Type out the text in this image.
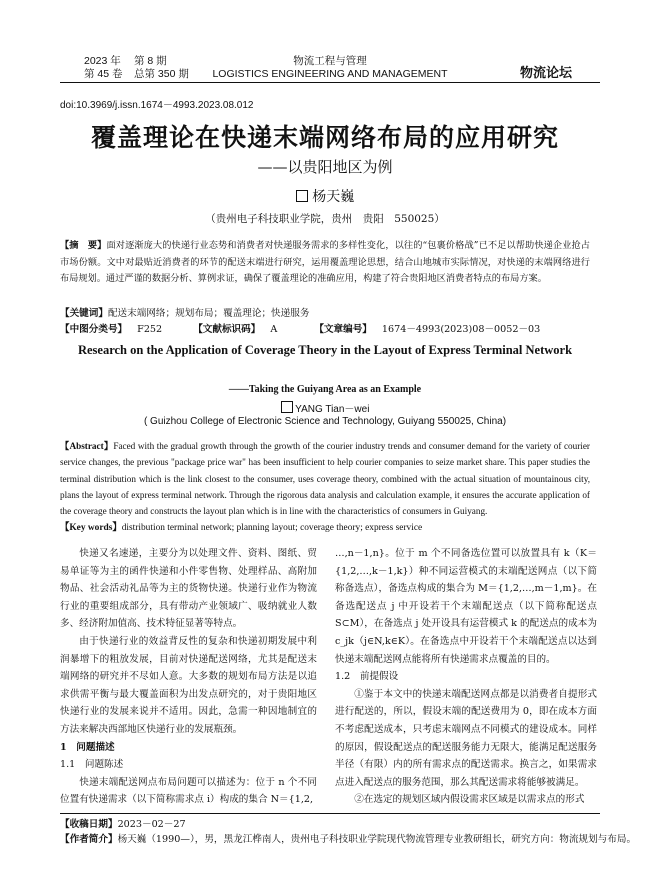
2023 年 第 8 期
第 45 卷 总第 350 期
物流工程与管理
LOGISTICS ENGINEERING AND MANAGEMENT	物流论坛
doi:10.3969/j.issn.1674－4993.2023.08.012
覆盖理论在快递末端网络布局的应用研究
——以贵阳地区为例
杨天巍
（贵州电子科技职业学院，贵州　贵阳　550025）
【摘　要】面对逐渐庞大的快递行业态势和消费者对快递服务需求的多样性变化，以往的“包裹价格战”已不足以帮助快递企业抢占市场份额。文中对最贴近消费者的环节的配送末端进行研究，运用覆盖理论思想，结合山地城市实际情况，对快递的末端网络进行布局规划。通过严谨的数据分析、算例求证，确保了覆盖理论的准确应用，构建了符合贵阳地区消费者特点的布局方案。
【关键词】配送末端网络；规划布局；覆盖理论；快递服务
【中图分类号】 F252	【文献标识码】 A	【文章编号】 1674－4993(2023)08－0052－03
Research on the Application of Coverage Theory in the Layout of Express Terminal Network
——Taking the Guiyang Area as an Example
YANG Tian－wei
( Guizhou College of Electronic Science and Technology, Guiyang 550025, China)
【Abstract】Faced with the gradual growth through the growth of the courier industry trends and consumer demand for the variety of courier service changes, the previous "package price war" has been insufficient to help courier companies to seize market share. This paper studies the terminal distribution which is the link closest to the consumer, uses coverage theory, combined with the actual situation of mountainous city, plans the layout of express terminal network. Through the rigorous data analysis and calculation example, it ensures the accurate application of the coverage theory and constructs the layout plan which is in line with the characteristics of consumers in Guiyang.
【Key words】distribution terminal network; planning layout; coverage theory; express service

快递又名速递，主要分为以处理文件、资料、图纸、贸易单证等为主的函件快递和小件零售物、处理样品、高附加物品、社会活动礼品等为主的货物快递。快递行业作为物流行业的重要组成部分，具有带动产业领域广、吸纳就业人数多、经济附加值高、技术特征显著等特点。

由于快递行业的效益背反性的复杂和快递初期发展中利润暴增下的粗放发展，目前对快递配送网络，尤其是配送末端网络的研究并不尽如人意。大多数的规划布局方法是以追求供需平衡与最大覆盖面积为出发点研究的，对于贵阳地区快递行业的发展来说并不适用。因此，急需一种因地制宜的方法来解决西部地区快递行业的发展瓶颈。

1　问题描述

1.1　问题陈述

快递末端配送网点布局问题可以描述为：位于 n 个不同位置有快递需求（以下简称需求点 i）构成的集合 N＝{1,2,

…,n－1,n}。位于 m 个不同备选位置可以放置具有 k（K＝{1,2,…,k－1,k}）种不同运营模式的末端配送网点（以下简称备选点），备选点构成的集合为 M＝{1,2,…,m－1,m}。在备选配送点 j 中开设若干个末端配送点（以下简称配送点 S⊂M），在备选点 j 处开设具有运营模式 k 的配送点的成本为 c_jk（j∈N,k∈K）。在备选点中开设若干个末端配送点以达到快递末端配送网点能将所有快递需求点覆盖的目的。

1.2　前提假设

①鉴于本文中的快递末端配送网点都是以消费者自提形式进行配送的，所以，假设末端的配送费用为 0，即在成本方面不考虑配送成本，只考虑末端网点不同模式的建设成本。同样的原因，假设配送点的配送服务能力无限大，能满足配送服务半径（有限）内的所有需求点的配送需求。换言之，如果需求点进入配送点的服务范围，那么其配送需求将能够被满足。

②在选定的规划区域内假设需求区域是以需求点的形式

【收稿日期】2023－02－27
【作者简介】杨天巍（1990—），男，黑龙江桦南人，贵州电子科技职业学院现代物流管理专业教研组长，研究方向：物流规划与布局。
